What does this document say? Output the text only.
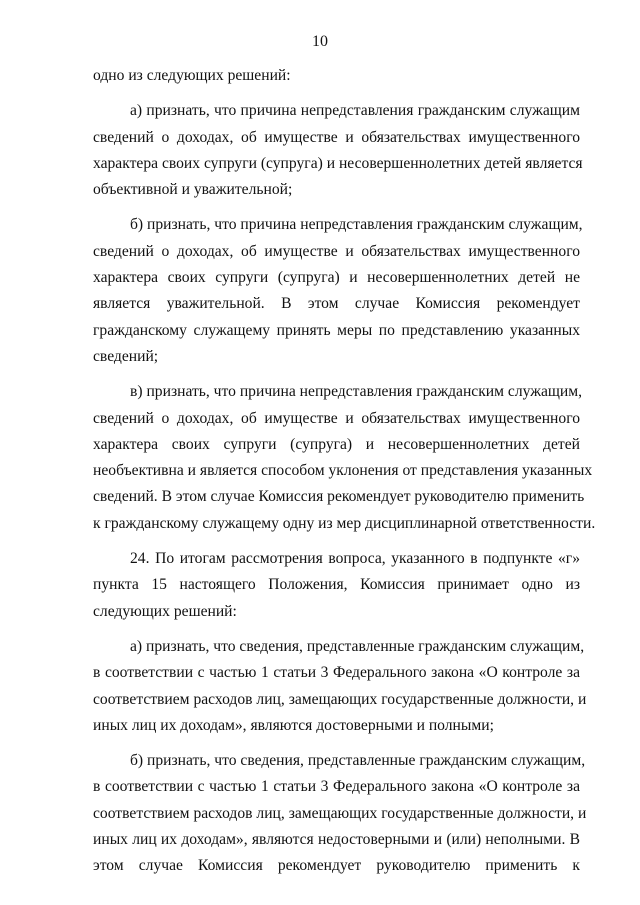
10
одно из следующих решений:
а) признать, что причина непредставления гражданским служащим
сведений о доходах, об имуществе и обязательствах имущественного
характера своих супруги (супруга) и несовершеннолетних детей является
объективной и уважительной;
б) признать, что причина непредставления гражданским служащим,
сведений о доходах, об имуществе и обязательствах имущественного
характера своих супруги (супруга) и несовершеннолетних детей не
является уважительной. В этом случае Комиссия рекомендует
гражданскому служащему принять меры по представлению указанных
сведений;
в) признать, что причина непредставления гражданским служащим,
сведений о доходах, об имуществе и обязательствах имущественного
характера своих супруги (супруга) и несовершеннолетних детей
необъективна и является способом уклонения от представления указанных
сведений. В этом случае Комиссия рекомендует руководителю применить
к гражданскому служащему одну из мер дисциплинарной ответственности.
24. По итогам рассмотрения вопроса, указанного в подпункте «г»
пункта 15 настоящего Положения, Комиссия принимает одно из
следующих решений:
а) признать, что сведения, представленные гражданским служащим,
в соответствии с частью 1 статьи 3 Федерального закона «О контроле за
соответствием расходов лиц, замещающих государственные должности, и
иных лиц их доходам», являются достоверными и полными;
б) признать, что сведения, представленные гражданским служащим,
в соответствии с частью 1 статьи 3 Федерального закона «О контроле за
соответствием расходов лиц, замещающих государственные должности, и
иных лиц их доходам», являются недостоверными и (или) неполными. В
этом случае Комиссия рекомендует руководителю применить к
